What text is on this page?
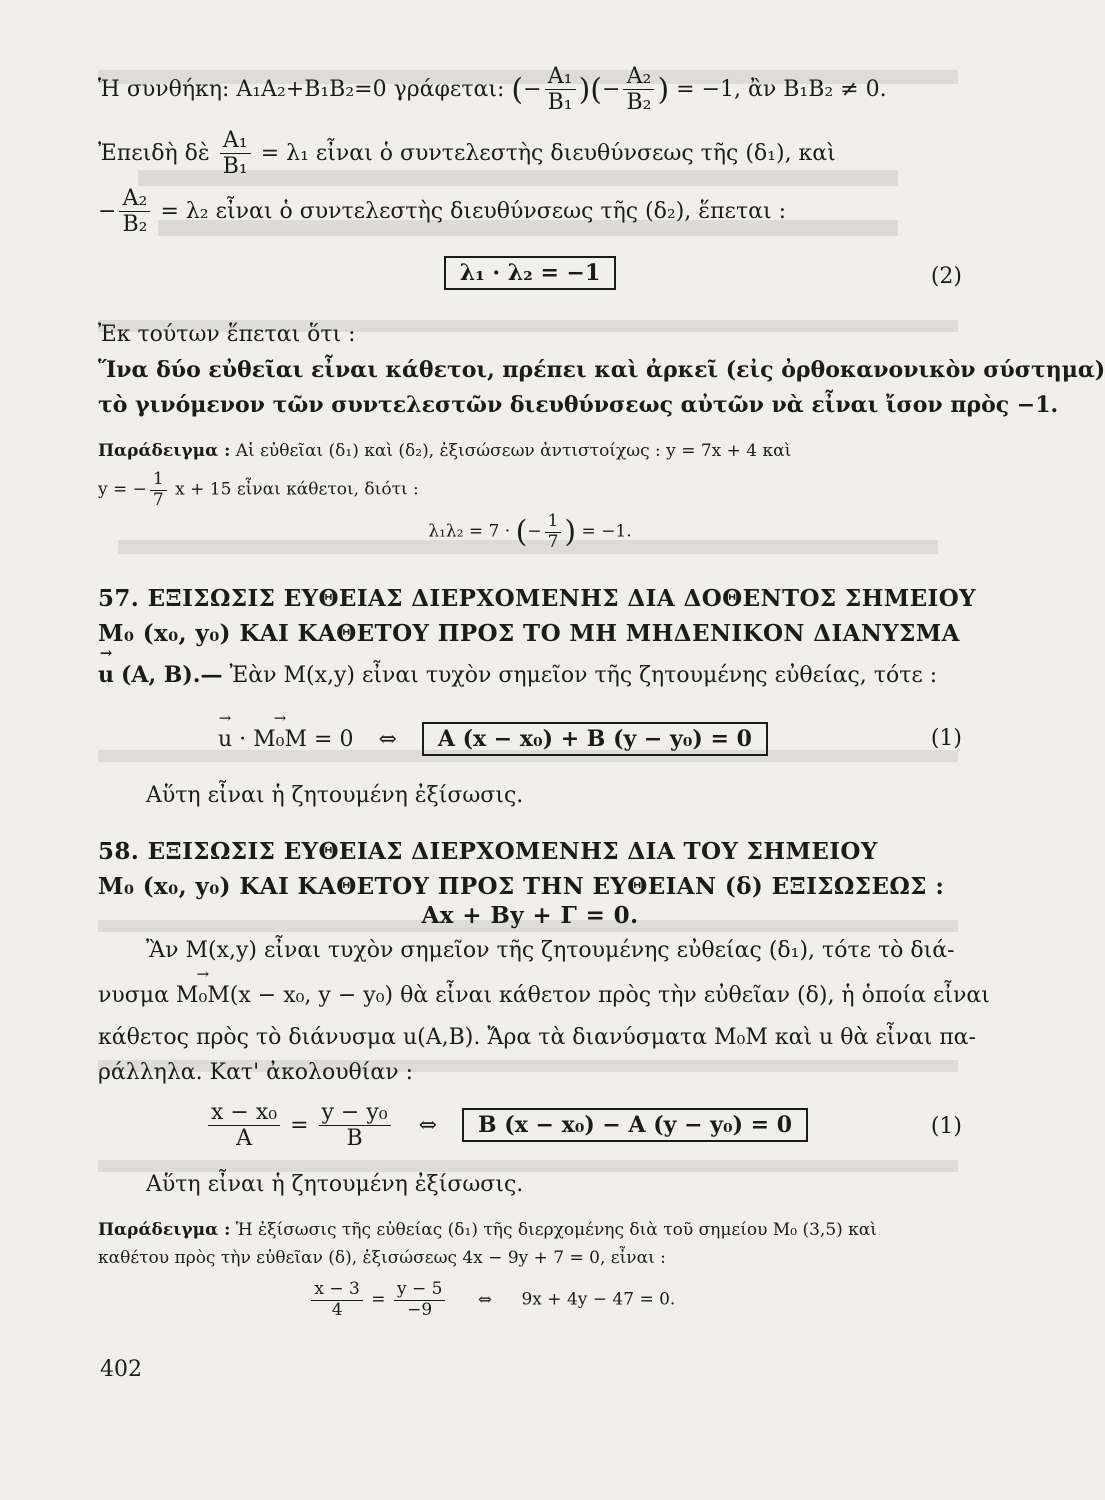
Ἡ συνθήκη: A₁A₂+B₁B₂=0 γράφεται: (− $\frac{\text{A₁}}{\text{B₁}}$ )(− $\frac{\text{A₂}}{\text{B₂}}$ ) = −1, ἂν B₁B₂ ≠ 0.
Ἐπειδὴ δὲ $\frac{\text{A₁}}{\text{B₁}} = \lambda_1$ εἶναι ὁ συντελεστὴς διευθύνσεως τῆς (δ₁), καὶ
− $\frac{\text{A₂}}{\text{B₂}} = \lambda_2$ εἶναι ὁ συντελεστὴς διευθύνσεως τῆς (δ₂), ἕπεται :
λ₁ · λ₂ = −1	(2)
Ἐκ τούτων ἕπεται ὅτι :
Ἵνα δύο εὐθεῖαι εἶναι κάθετοι, πρέπει καὶ ἀρκεῖ (εἰς ὀρθοκανονικὸν σύστημα)
τὸ γινόμενον τῶν συντελεστῶν διευθύνσεως αὐτῶν νὰ εἶναι ἴσον πρὸς −1.
Παράδειγμα : Αἱ εὐθεῖαι (δ₁) καὶ (δ₂), ἐξισώσεων ἀντιστοίχως : y = 7x + 4 καὶ
y = − $\frac{1}{7}$ x + 15 εἶναι κάθετοι, διότι :
λ₁λ₂ = 7 · (− $\frac{1}{7}$ ) = −1.
57. ΕΞΙΣΩΣΙΣ ΕΥΘΕΙΑΣ ΔΙΕΡΧΟΜΕΝΗΣ ΔΙΑ ΔΟΘΕΝΤΟΣ ΣΗΜΕΙΟΥ
M₀ (x₀, y₀) ΚΑΙ ΚΑΘΕΤΟΥ ΠΡΟΣ ΤΟ ΜΗ ΜΗΔΕΝΙΚΟΝ ΔΙΑΝΥΣΜΑ
→ u (A, B).— Ἐὰν M(x,y) εἶναι τυχὸν σημεῖον τῆς ζητουμένης εὐθείας, τότε :
→ u · → M₀M = 0 ⇔ A (x − x₀) + B (y − y₀) = 0	(1)
Αὕτη εἶναι ἡ ζητουμένη ἐξίσωσις.
58. ΕΞΙΣΩΣΙΣ ΕΥΘΕΙΑΣ ΔΙΕΡΧΟΜΕΝΗΣ ΔΙΑ ΤΟΥ ΣΗΜΕΙΟΥ
M₀ (x₀, y₀) ΚΑΙ ΚΑΘΕΤΟΥ ΠΡΟΣ ΤΗΝ ΕΥΘΕΙΑΝ (δ) ΕΞΙΣΩΣΕΩΣ :
Ax + By + Γ = 0.
Ἂν M(x,y) εἶναι τυχὸν σημεῖον τῆς ζητουμένης εὐθείας (δ₁), τότε τὸ διά-
νυσμα → M₀M(x − x₀, y − y₀) θὰ εἶναι κάθετον πρὸς τὴν εὐθεῖαν (δ), ἡ ὁποία εἶναι
κάθετος πρὸς τὸ διάνυσμα u(A,B). Ἄρα τὰ διανύσματα M₀M καὶ u θὰ εἶναι πα-
ράλληλα. Κατ' ἀκολουθίαν :

$\frac{\text{x − x₀}}{A} = \frac{\text{y − y₀}}{B}$ ⇔ B (x − x₀) − A (y − y₀) = 0	(1)
Αὕτη εἶναι ἡ ζητουμένη ἐξίσωσις.
Παράδειγμα : Ἡ ἐξίσωσις τῆς εὐθείας (δ₁) τῆς διερχομένης διὰ τοῦ σημείου M₀ (3,5) καὶ
καθέτου πρὸς τὴν εὐθεῖαν (δ), ἐξισώσεως 4x − 9y + 7 = 0, εἶναι :

$\frac{x - 3}{4} = \frac{y - 5}{-9}$ ⇔ 9x + 4y − 47 = 0.
402
